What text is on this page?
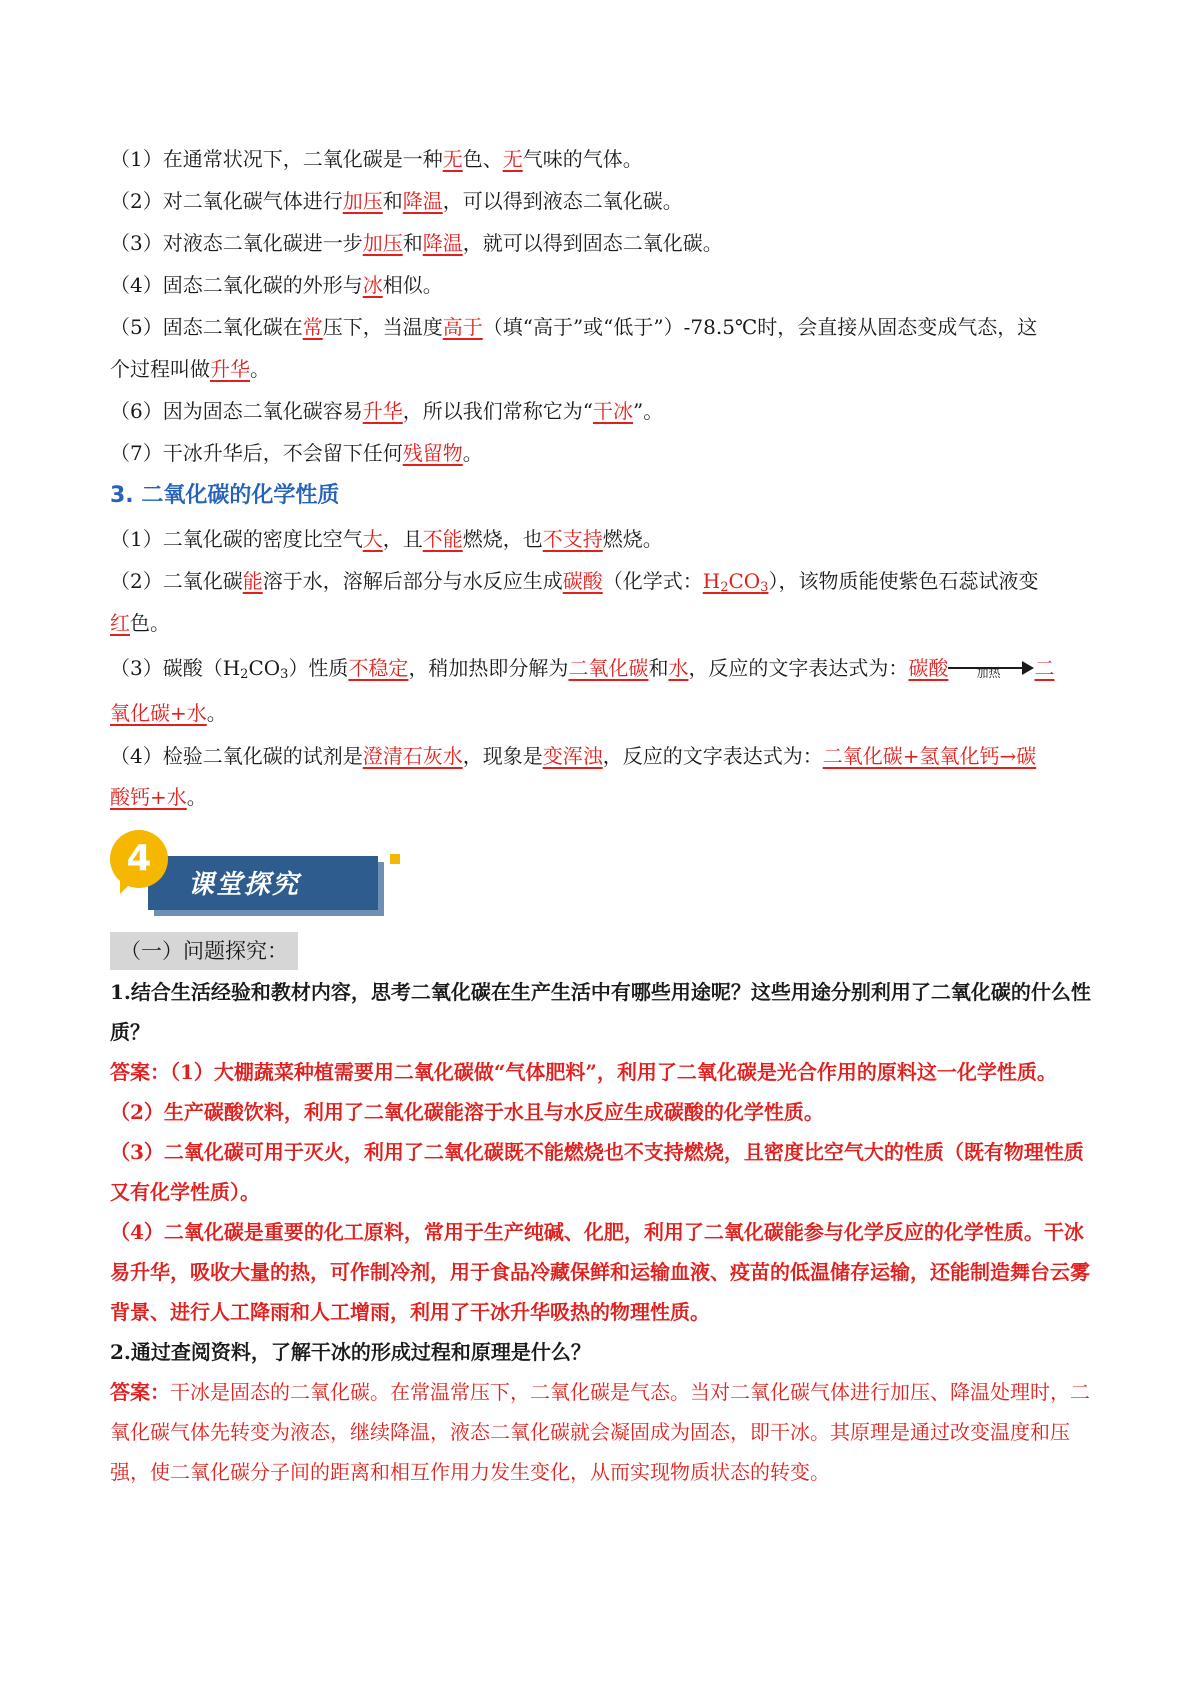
（1）在通常状况下，二氧化碳是一种无色、无气味的气体。
（2）对二氧化碳气体进行加压和降温，可以得到液态二氧化碳。
（3）对液态二氧化碳进一步加压和降温，就可以得到固态二氧化碳。
（4）固态二氧化碳的外形与冰相似。
（5）固态二氧化碳在常压下，当温度高于（填“高于”或“低于”）-78.5℃时，会直接从固态变成气态，这
个过程叫做升华。
（6）因为固态二氧化碳容易升华，所以我们常称它为“干冰”。
（7）干冰升华后，不会留下任何残留物。
3. 二氧化碳的化学性质
（1）二氧化碳的密度比空气大，且不能燃烧，也不支持燃烧。
（2）二氧化碳能溶于水，溶解后部分与水反应生成碳酸（化学式：$H_2CO_3$），该物质能使紫色石蕊试液变
红色。
（3）碳酸$(H_2CO_3)$性质不稳定，稍加热即分解为二氧化碳和水，反应的文字表达式为：碳酸 加热 二
氧化碳+水。
（4）检验二氧化碳的试剂是澄清石灰水，现象是变浑浊，反应的文字表达式为：二氧化碳+氢氧化钙→碳
酸钙+水。
课堂探究
4
（一）问题探究：
1.结合生活经验和教材内容，思考二氧化碳在生产生活中有哪些用途呢？这些用途分别利用了二氧化碳的什么性质？
答案：（1）大棚蔬菜种植需要用二氧化碳做“气体肥料”，利用了二氧化碳是光合作用的原料这一化学性质。
（2）生产碳酸饮料，利用了二氧化碳能溶于水且与水反应生成碳酸的化学性质。
（3）二氧化碳可用于灭火，利用了二氧化碳既不能燃烧也不支持燃烧，且密度比空气大的性质（既有物理性质又有化学性质）。
（4）二氧化碳是重要的化工原料，常用于生产纯碱、化肥，利用了二氧化碳能参与化学反应的化学性质。干冰易升华，吸收大量的热，可作制冷剂，用于食品冷藏保鲜和运输血液、疫苗的低温储存运输，还能制造舞台云雾背景、进行人工降雨和人工增雨，利用了干冰升华吸热的物理性质。
2.通过查阅资料，了解干冰的形成过程和原理是什么？
答案：干冰是固态的二氧化碳。在常温常压下，二氧化碳是气态。当对二氧化碳气体进行加压、降温处理时，二氧化碳气体先转变为液态，继续降温，液态二氧化碳就会凝固成为固态，即干冰。其原理是通过改变温度和压强，使二氧化碳分子间的距离和相互作用力发生变化，从而实现物质状态的转变。
